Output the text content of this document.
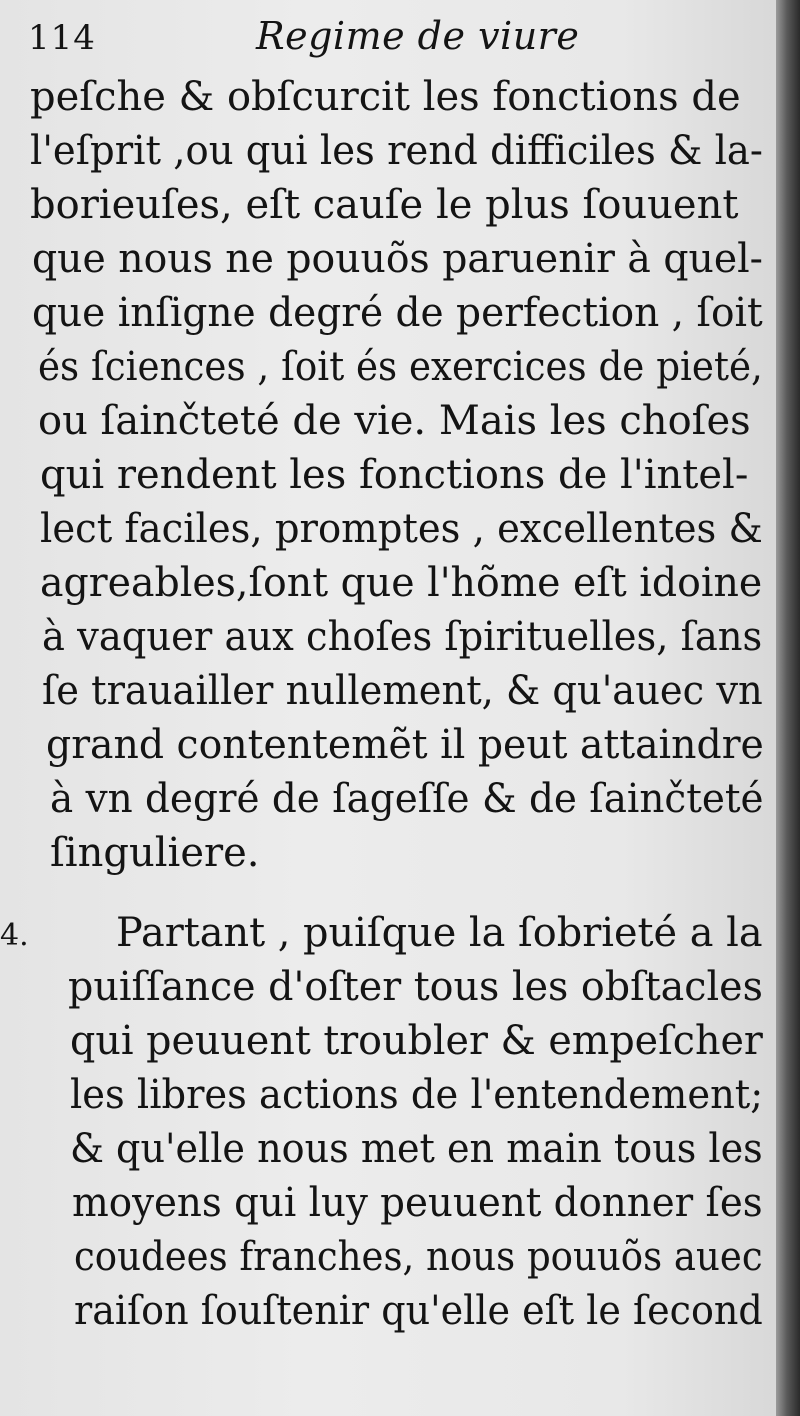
114	Regime de viure
4.
peſche & obſcurcit les fonctions de
l'eſprit ,ou qui les rend difficiles & la-
borieuſes, eſt cauſe le plus ſouuent
que nous ne pouuõs paruenir à quel-
que inſigne degré de perfection , ſoit
és ſciences , ſoit és exercices de pieté,
ou ſainčteté de vie. Mais les choſes
qui rendent les fonctions de l'intel-
lect faciles, promptes , excellentes &
agreables,ſont que l'hõme eſt idoine
à vaquer aux choſes ſpirituelles, ſans
ſe trauailler nullement, & qu'auec vn
grand contentemẽt il peut attaindre
à vn degré de ſageſſe & de ſainčteté
ſinguliere.
Partant , puiſque la ſobrieté a la
puiſſance d'oſter tous les obſtacles
qui peuuent troubler & empeſcher
les libres actions de l'entendement;
& qu'elle nous met en main tous les
moyens qui luy peuuent donner ſes
coudees franches, nous pouuõs auec
raiſon ſouſtenir qu'elle eſt le ſecond
